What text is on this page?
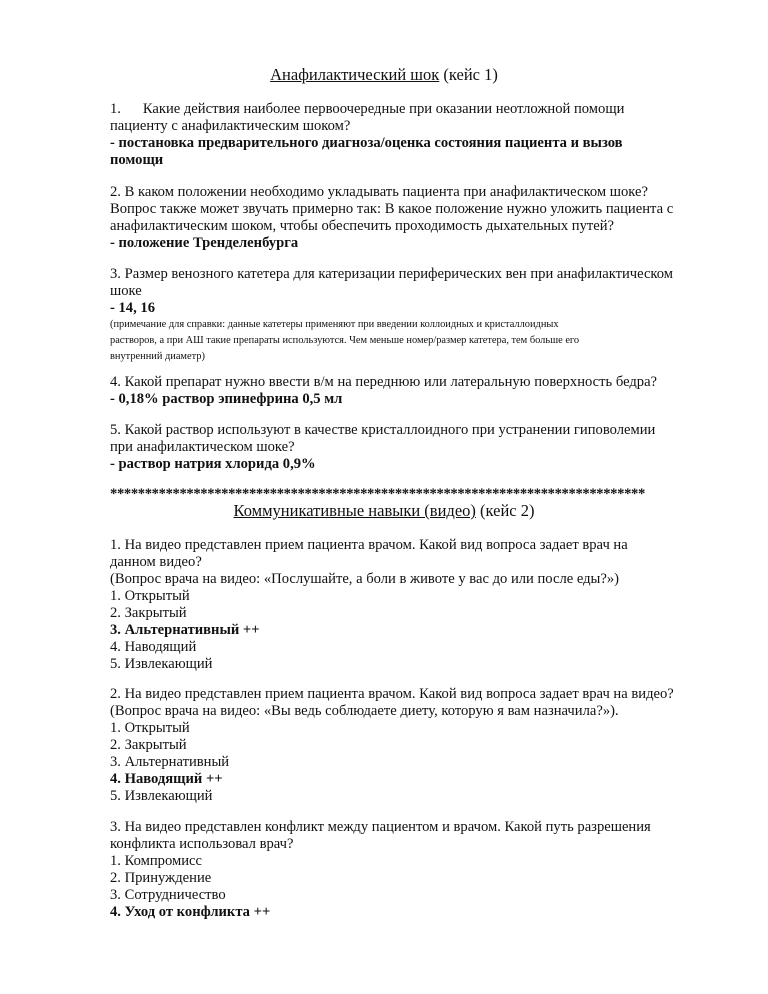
Анафилактический шок (кейс 1)
1.      Какие действия наиболее первоочередные при оказании неотложной помощи
пациенту с анафилактическим шоком?
- постановка предварительного диагноза/оценка состояния пациента и вызов
помощи
2. В каком положении необходимо укладывать пациента при анафилактическом шоке?
Вопрос также может звучать примерно так: В какое положение нужно уложить пациента с
анафилактическим шоком, чтобы обеспечить проходимость дыхательных путей?
- положение Тренделенбурга
3. Размер венозного катетера для катеризации периферических вен при анафилактическом
шоке
- 14, 16
(примечание для справки: данные катетеры применяют при введении коллоидных и кристаллоидных
растворов, а при АШ такие препараты используются. Чем меньше номер/размер катетера, тем больше его
внутренний диаметр)
4. Какой препарат нужно ввести в/м на переднюю или латеральную поверхность бедра?
- 0,18% раствор эпинефрина 0,5 мл
5. Какой раствор используют в качестве кристаллоидного при устранении гиповолемии
при анафилактическом шоке?
- раствор натрия хлорида 0,9%
*****************************************************************************
Коммуникативные навыки (видео) (кейс 2)
1. На видео представлен прием пациента врачом. Какой вид вопроса задает врач на
данном видео?
(Вопрос врача на видео: «Послушайте, а боли в животе у вас до или после еды?»)
1. Открытый
2. Закрытый
3. Альтернативный ++
4. Наводящий
5. Извлекающий
2. На видео представлен прием пациента врачом. Какой вид вопроса задает врач на видео?
(Вопрос врача на видео: «Вы ведь соблюдаете диету, которую я вам назначила?»).
1. Открытый
2. Закрытый
3. Альтернативный
4. Наводящий ++
5. Извлекающий
3. На видео представлен конфликт между пациентом и врачом. Какой путь разрешения
конфликта использовал врач?
1. Компромисс
2. Принуждение
3. Сотрудничество
4. Уход от конфликта ++
